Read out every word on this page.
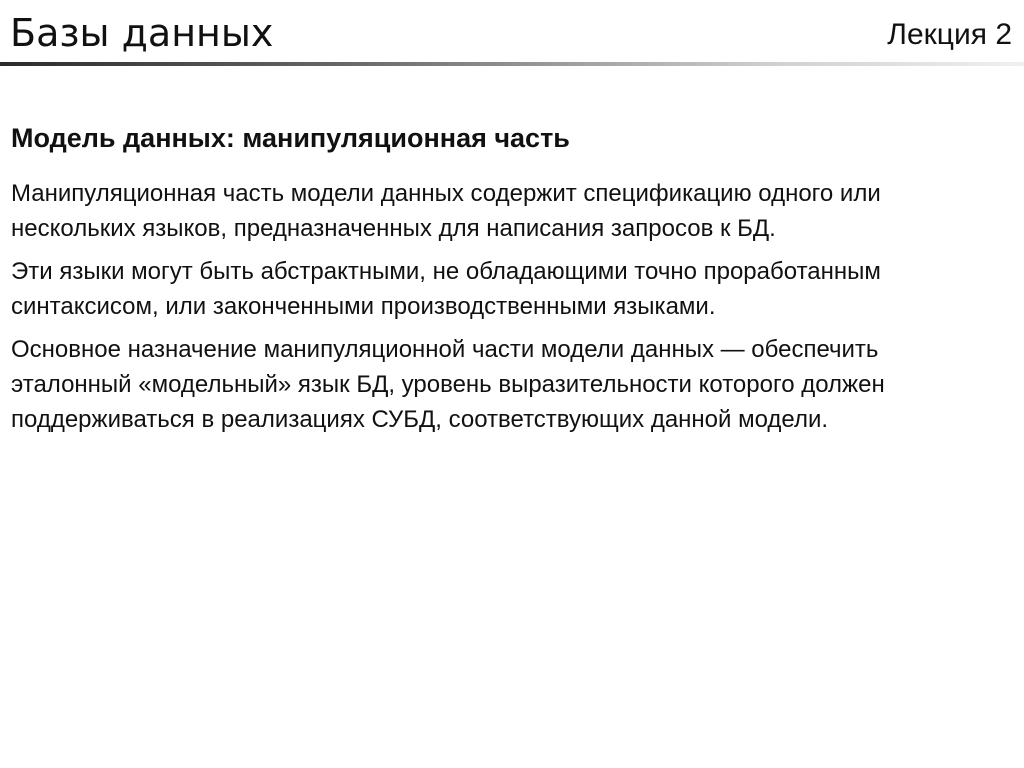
Базы данных	Лекция 2
Модель данных: манипуляционная часть

Манипуляционная часть модели данных содержит спецификацию одного или нескольких языков, предназначенных для написания запросов к БД.

Эти языки могут быть абстрактными, не обладающими точно проработанным синтаксисом, или законченными производственными языками.

Основное назначение манипуляционной части модели данных — обеспечить эталонный «модельный» язык БД, уровень выразительности которого должен поддерживаться в реализациях СУБД, соответствующих данной модели.
